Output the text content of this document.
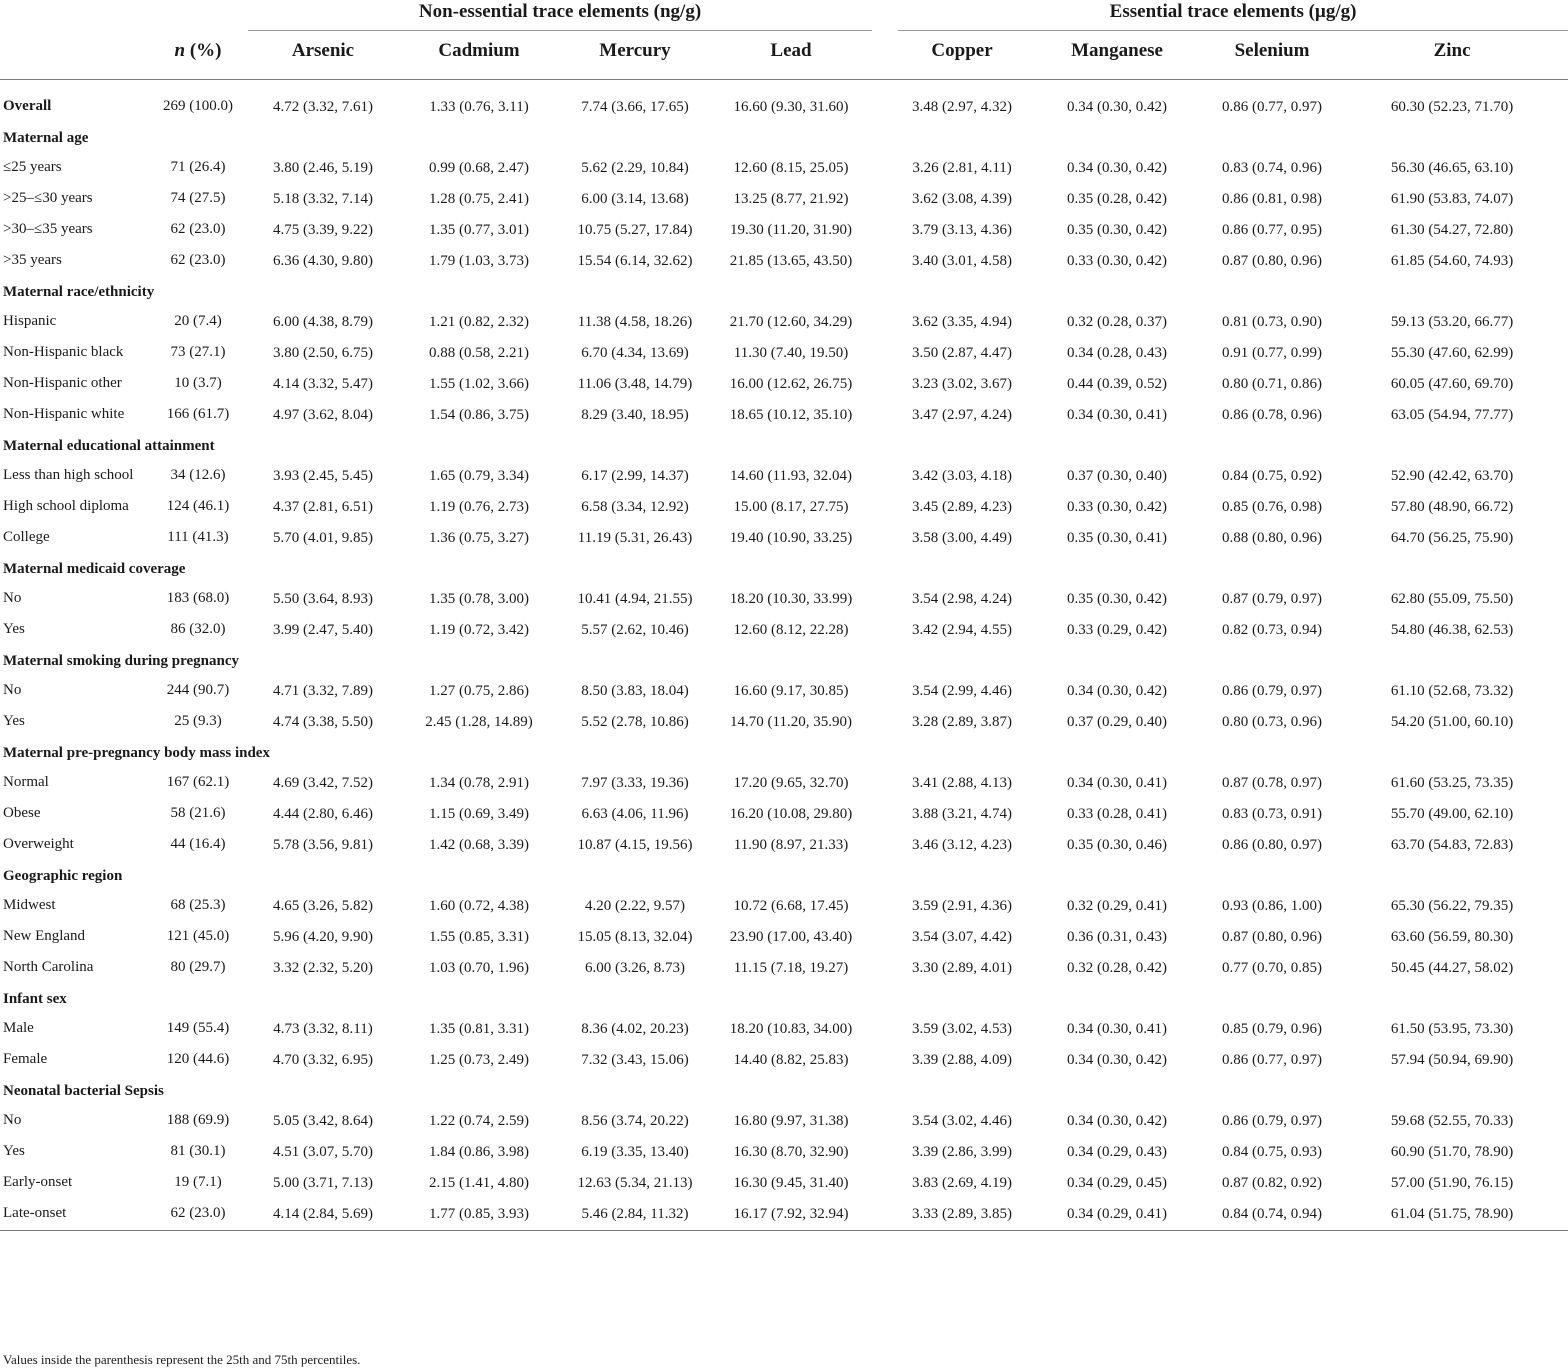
		Non-essential trace elements (ng/g)					Essential trace elements (µg/g)			
	n (%)	Arsenic	Cadmium	Mercury	Lead		Copper	Manganese	Selenium	Zinc
Overall	269 (100.0)	4.72 (3.32, 7.61)	1.33 (0.76, 3.11)	7.74 (3.66, 17.65)	16.60 (9.30, 31.60)		3.48 (2.97, 4.32)	0.34 (0.30, 0.42)	0.86 (0.77, 0.97)	60.30 (52.23, 71.70)
Maternal age										
≤25 years	71 (26.4)	3.80 (2.46, 5.19)	0.99 (0.68, 2.47)	5.62 (2.29, 10.84)	12.60 (8.15, 25.05)		3.26 (2.81, 4.11)	0.34 (0.30, 0.42)	0.83 (0.74, 0.96)	56.30 (46.65, 63.10)
>25–≤30 years	74 (27.5)	5.18 (3.32, 7.14)	1.28 (0.75, 2.41)	6.00 (3.14, 13.68)	13.25 (8.77, 21.92)		3.62 (3.08, 4.39)	0.35 (0.28, 0.42)	0.86 (0.81, 0.98)	61.90 (53.83, 74.07)
>30–≤35 years	62 (23.0)	4.75 (3.39, 9.22)	1.35 (0.77, 3.01)	10.75 (5.27, 17.84)	19.30 (11.20, 31.90)		3.79 (3.13, 4.36)	0.35 (0.30, 0.42)	0.86 (0.77, 0.95)	61.30 (54.27, 72.80)
>35 years	62 (23.0)	6.36 (4.30, 9.80)	1.79 (1.03, 3.73)	15.54 (6.14, 32.62)	21.85 (13.65, 43.50)		3.40 (3.01, 4.58)	0.33 (0.30, 0.42)	0.87 (0.80, 0.96)	61.85 (54.60, 74.93)
Maternal race/ethnicity										
Hispanic	20 (7.4)	6.00 (4.38, 8.79)	1.21 (0.82, 2.32)	11.38 (4.58, 18.26)	21.70 (12.60, 34.29)		3.62 (3.35, 4.94)	0.32 (0.28, 0.37)	0.81 (0.73, 0.90)	59.13 (53.20, 66.77)
Non-Hispanic black	73 (27.1)	3.80 (2.50, 6.75)	0.88 (0.58, 2.21)	6.70 (4.34, 13.69)	11.30 (7.40, 19.50)		3.50 (2.87, 4.47)	0.34 (0.28, 0.43)	0.91 (0.77, 0.99)	55.30 (47.60, 62.99)
Non-Hispanic other	10 (3.7)	4.14 (3.32, 5.47)	1.55 (1.02, 3.66)	11.06 (3.48, 14.79)	16.00 (12.62, 26.75)		3.23 (3.02, 3.67)	0.44 (0.39, 0.52)	0.80 (0.71, 0.86)	60.05 (47.60, 69.70)
Non-Hispanic white	166 (61.7)	4.97 (3.62, 8.04)	1.54 (0.86, 3.75)	8.29 (3.40, 18.95)	18.65 (10.12, 35.10)		3.47 (2.97, 4.24)	0.34 (0.30, 0.41)	0.86 (0.78, 0.96)	63.05 (54.94, 77.77)
Maternal educational attainment										
Less than high school	34 (12.6)	3.93 (2.45, 5.45)	1.65 (0.79, 3.34)	6.17 (2.99, 14.37)	14.60 (11.93, 32.04)		3.42 (3.03, 4.18)	0.37 (0.30, 0.40)	0.84 (0.75, 0.92)	52.90 (42.42, 63.70)
High school diploma	124 (46.1)	4.37 (2.81, 6.51)	1.19 (0.76, 2.73)	6.58 (3.34, 12.92)	15.00 (8.17, 27.75)		3.45 (2.89, 4.23)	0.33 (0.30, 0.42)	0.85 (0.76, 0.98)	57.80 (48.90, 66.72)
College	111 (41.3)	5.70 (4.01, 9.85)	1.36 (0.75, 3.27)	11.19 (5.31, 26.43)	19.40 (10.90, 33.25)		3.58 (3.00, 4.49)	0.35 (0.30, 0.41)	0.88 (0.80, 0.96)	64.70 (56.25, 75.90)
Maternal medicaid coverage										
No	183 (68.0)	5.50 (3.64, 8.93)	1.35 (0.78, 3.00)	10.41 (4.94, 21.55)	18.20 (10.30, 33.99)		3.54 (2.98, 4.24)	0.35 (0.30, 0.42)	0.87 (0.79, 0.97)	62.80 (55.09, 75.50)
Yes	86 (32.0)	3.99 (2.47, 5.40)	1.19 (0.72, 3.42)	5.57 (2.62, 10.46)	12.60 (8.12, 22.28)		3.42 (2.94, 4.55)	0.33 (0.29, 0.42)	0.82 (0.73, 0.94)	54.80 (46.38, 62.53)
Maternal smoking during pregnancy										
No	244 (90.7)	4.71 (3.32, 7.89)	1.27 (0.75, 2.86)	8.50 (3.83, 18.04)	16.60 (9.17, 30.85)		3.54 (2.99, 4.46)	0.34 (0.30, 0.42)	0.86 (0.79, 0.97)	61.10 (52.68, 73.32)
Yes	25 (9.3)	4.74 (3.38, 5.50)	2.45 (1.28, 14.89)	5.52 (2.78, 10.86)	14.70 (11.20, 35.90)		3.28 (2.89, 3.87)	0.37 (0.29, 0.40)	0.80 (0.73, 0.96)	54.20 (51.00, 60.10)
Maternal pre-pregnancy body mass index										
Normal	167 (62.1)	4.69 (3.42, 7.52)	1.34 (0.78, 2.91)	7.97 (3.33, 19.36)	17.20 (9.65, 32.70)		3.41 (2.88, 4.13)	0.34 (0.30, 0.41)	0.87 (0.78, 0.97)	61.60 (53.25, 73.35)
Obese	58 (21.6)	4.44 (2.80, 6.46)	1.15 (0.69, 3.49)	6.63 (4.06, 11.96)	16.20 (10.08, 29.80)		3.88 (3.21, 4.74)	0.33 (0.28, 0.41)	0.83 (0.73, 0.91)	55.70 (49.00, 62.10)
Overweight	44 (16.4)	5.78 (3.56, 9.81)	1.42 (0.68, 3.39)	10.87 (4.15, 19.56)	11.90 (8.97, 21.33)		3.46 (3.12, 4.23)	0.35 (0.30, 0.46)	0.86 (0.80, 0.97)	63.70 (54.83, 72.83)
Geographic region										
Midwest	68 (25.3)	4.65 (3.26, 5.82)	1.60 (0.72, 4.38)	4.20 (2.22, 9.57)	10.72 (6.68, 17.45)		3.59 (2.91, 4.36)	0.32 (0.29, 0.41)	0.93 (0.86, 1.00)	65.30 (56.22, 79.35)
New England	121 (45.0)	5.96 (4.20, 9.90)	1.55 (0.85, 3.31)	15.05 (8.13, 32.04)	23.90 (17.00, 43.40)		3.54 (3.07, 4.42)	0.36 (0.31, 0.43)	0.87 (0.80, 0.96)	63.60 (56.59, 80.30)
North Carolina	80 (29.7)	3.32 (2.32, 5.20)	1.03 (0.70, 1.96)	6.00 (3.26, 8.73)	11.15 (7.18, 19.27)		3.30 (2.89, 4.01)	0.32 (0.28, 0.42)	0.77 (0.70, 0.85)	50.45 (44.27, 58.02)
Infant sex										
Male	149 (55.4)	4.73 (3.32, 8.11)	1.35 (0.81, 3.31)	8.36 (4.02, 20.23)	18.20 (10.83, 34.00)		3.59 (3.02, 4.53)	0.34 (0.30, 0.41)	0.85 (0.79, 0.96)	61.50 (53.95, 73.30)
Female	120 (44.6)	4.70 (3.32, 6.95)	1.25 (0.73, 2.49)	7.32 (3.43, 15.06)	14.40 (8.82, 25.83)		3.39 (2.88, 4.09)	0.34 (0.30, 0.42)	0.86 (0.77, 0.97)	57.94 (50.94, 69.90)
Neonatal bacterial Sepsis										
No	188 (69.9)	5.05 (3.42, 8.64)	1.22 (0.74, 2.59)	8.56 (3.74, 20.22)	16.80 (9.97, 31.38)		3.54 (3.02, 4.46)	0.34 (0.30, 0.42)	0.86 (0.79, 0.97)	59.68 (52.55, 70.33)
Yes	81 (30.1)	4.51 (3.07, 5.70)	1.84 (0.86, 3.98)	6.19 (3.35, 13.40)	16.30 (8.70, 32.90)		3.39 (2.86, 3.99)	0.34 (0.29, 0.43)	0.84 (0.75, 0.93)	60.90 (51.70, 78.90)
Early-onset	19 (7.1)	5.00 (3.71, 7.13)	2.15 (1.41, 4.80)	12.63 (5.34, 21.13)	16.30 (9.45, 31.40)		3.83 (2.69, 4.19)	0.34 (0.29, 0.45)	0.87 (0.82, 0.92)	57.00 (51.90, 76.15)
Late-onset	62 (23.0)	4.14 (2.84, 5.69)	1.77 (0.85, 3.93)	5.46 (2.84, 11.32)	16.17 (7.92, 32.94)		3.33 (2.89, 3.85)	0.34 (0.29, 0.41)	0.84 (0.74, 0.94)	61.04 (51.75, 78.90)
Values inside the parenthesis represent the 25th and 75th percentiles.
